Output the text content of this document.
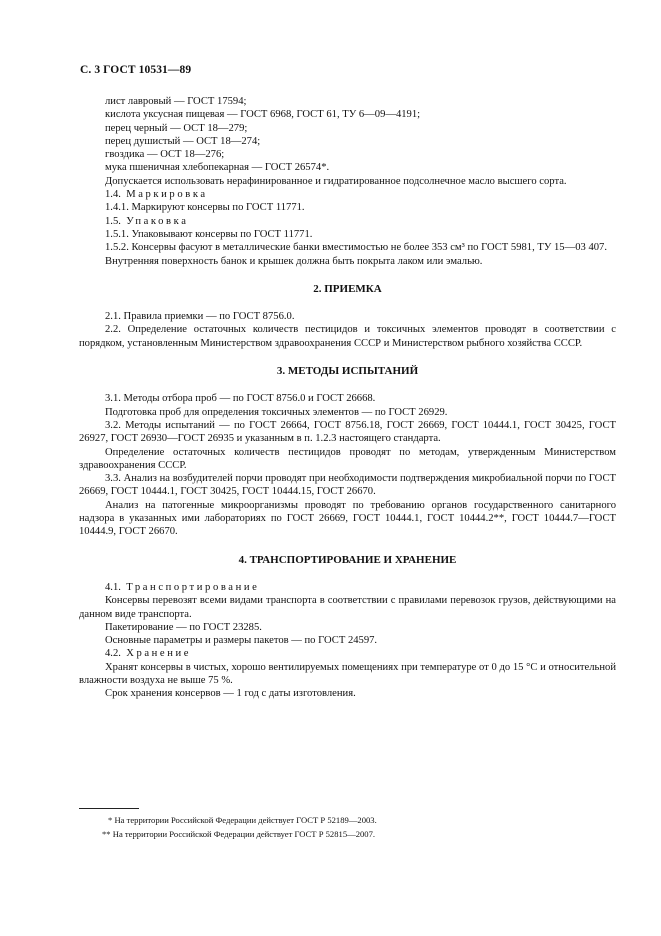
С. 3 ГОСТ 10531—89

лист лавровый — ГОСТ 17594;

кислота уксусная пищевая — ГОСТ 6968, ГОСТ 61, ТУ 6—09—4191;

перец черный — ОСТ 18—279;

перец душистый — ОСТ 18—274;

гвоздика — ОСТ 18—276;

мука пшеничная хлебопекарная — ГОСТ 26574*.

Допускается использовать нерафинированное и гидратированное подсолнечное масло высшего сорта.

1.4. Маркировка

1.4.1. Маркируют консервы по ГОСТ 11771.

1.5. Упаковка

1.5.1. Упаковывают консервы по ГОСТ 11771.

1.5.2. Консервы фасуют в металлические банки вместимостью не более 353 см³ по ГОСТ 5981, ТУ 15—03 407.

Внутренняя поверхность банок и крышек должна быть покрыта лаком или эмалью.

2. ПРИЕМКА

2.1. Правила приемки — по ГОСТ 8756.0.

2.2. Определение остаточных количеств пестицидов и токсичных элементов проводят в соответствии с порядком, установленным Министерством здравоохранения СССР и Министерством рыбного хозяйства СССР.

3. МЕТОДЫ ИСПЫТАНИЙ

3.1. Методы отбора проб — по ГОСТ 8756.0 и ГОСТ 26668.

Подготовка проб для определения токсичных элементов — по ГОСТ 26929.

3.2. Методы испытаний — по ГОСТ 26664, ГОСТ 8756.18, ГОСТ 26669, ГОСТ 10444.1, ГОСТ 30425, ГОСТ 26927, ГОСТ 26930—ГОСТ 26935 и указанным в п. 1.2.3 настоящего стандарта.

Определение остаточных количеств пестицидов проводят по методам, утвержденным Министерством здравоохранения СССР.

3.3. Анализ на возбудителей порчи проводят при необходимости подтверждения микробиальной порчи по ГОСТ 26669, ГОСТ 10444.1, ГОСТ 30425, ГОСТ 10444.15, ГОСТ 26670.

Анализ на патогенные микроорганизмы проводят по требованию органов государственного санитарного надзора в указанных ими лабораториях по ГОСТ 26669, ГОСТ 10444.1, ГОСТ 10444.2**, ГОСТ 10444.7—ГОСТ 10444.9, ГОСТ 26670.

4. ТРАНСПОРТИРОВАНИЕ И ХРАНЕНИЕ

4.1. Транспортирование

Консервы перевозят всеми видами транспорта в соответствии с правилами перевозок грузов, действующими на данном виде транспорта.

Пакетирование — по ГОСТ 23285.

Основные параметры и размеры пакетов — по ГОСТ 24597.

4.2. Хранение

Хранят консервы в чистых, хорошо вентилируемых помещениях при температуре от 0 до 15 °С и относительной влажности воздуха не выше 75 %.

Срок хранения консервов — 1 год с даты изготовления.

* На территории Российской Федерации действует ГОСТ Р 52189—2003.
** На территории Российской Федерации действует ГОСТ Р 52815—2007.
